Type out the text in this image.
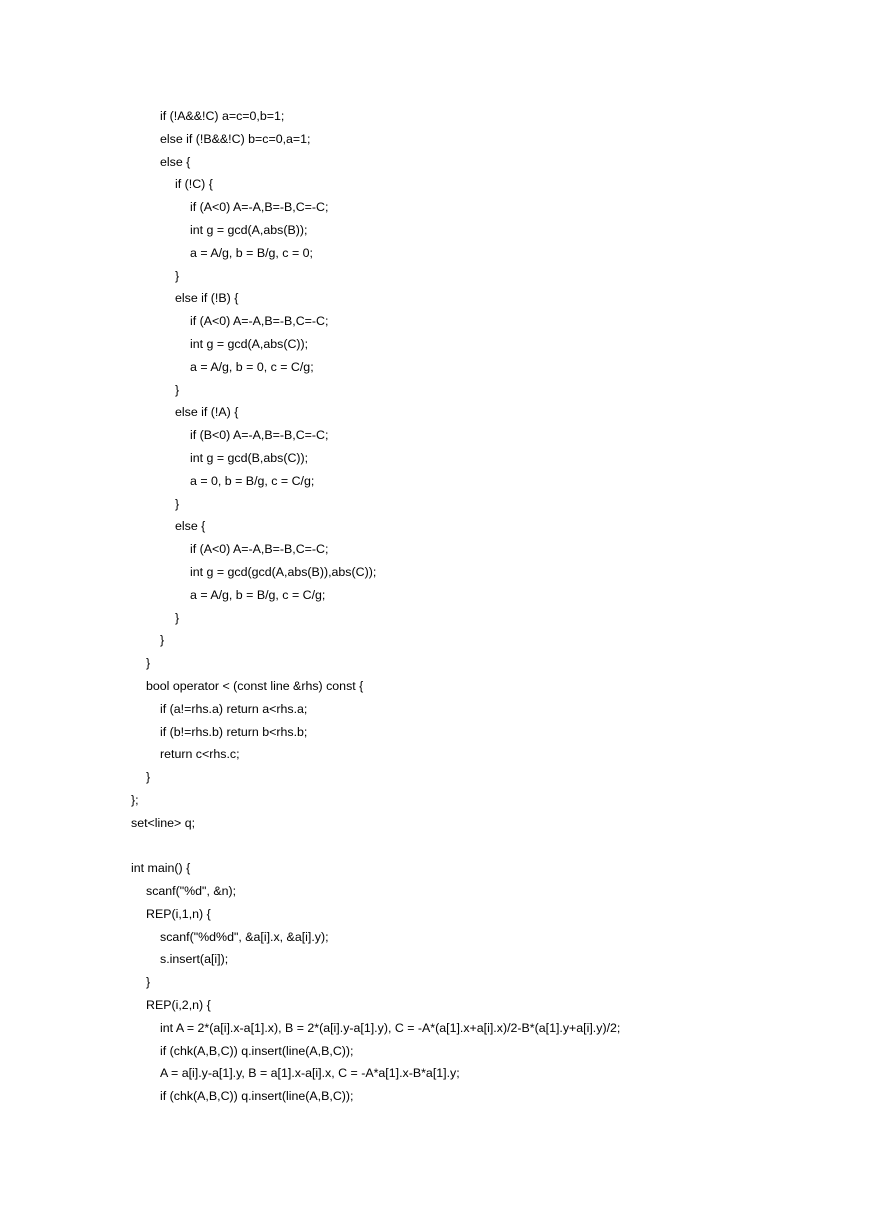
if (!A&&!C) a=c=0,b=1;
else if (!B&&!C) b=c=0,a=1;
else {
if (!C) {
if (A<0) A=-A,B=-B,C=-C;
int g = gcd(A,abs(B));
a = A/g, b = B/g, c = 0;
}
else if (!B) {
if (A<0) A=-A,B=-B,C=-C;
int g = gcd(A,abs(C));
a = A/g, b = 0, c = C/g;
}
else if (!A) {
if (B<0) A=-A,B=-B,C=-C;
int g = gcd(B,abs(C));
a = 0, b = B/g, c = C/g;
}
else {
if (A<0) A=-A,B=-B,C=-C;
int g = gcd(gcd(A,abs(B)),abs(C));
a = A/g, b = B/g, c = C/g;
}
}
}
bool operator < (const line &rhs) const {
if (a!=rhs.a) return a<rhs.a;
if (b!=rhs.b) return b<rhs.b;
return c<rhs.c;
}
};
set<line> q;
int main() {
scanf("%d", &n);
REP(i,1,n) {
scanf("%d%d", &a[i].x, &a[i].y);
s.insert(a[i]);
}
REP(i,2,n) {
int A = 2*(a[i].x-a[1].x), B = 2*(a[i].y-a[1].y), C = -A*(a[1].x+a[i].x)/2-B*(a[1].y+a[i].y)/2;
if (chk(A,B,C)) q.insert(line(A,B,C));
A = a[i].y-a[1].y, B = a[1].x-a[i].x, C = -A*a[1].x-B*a[1].y;
if (chk(A,B,C)) q.insert(line(A,B,C));
